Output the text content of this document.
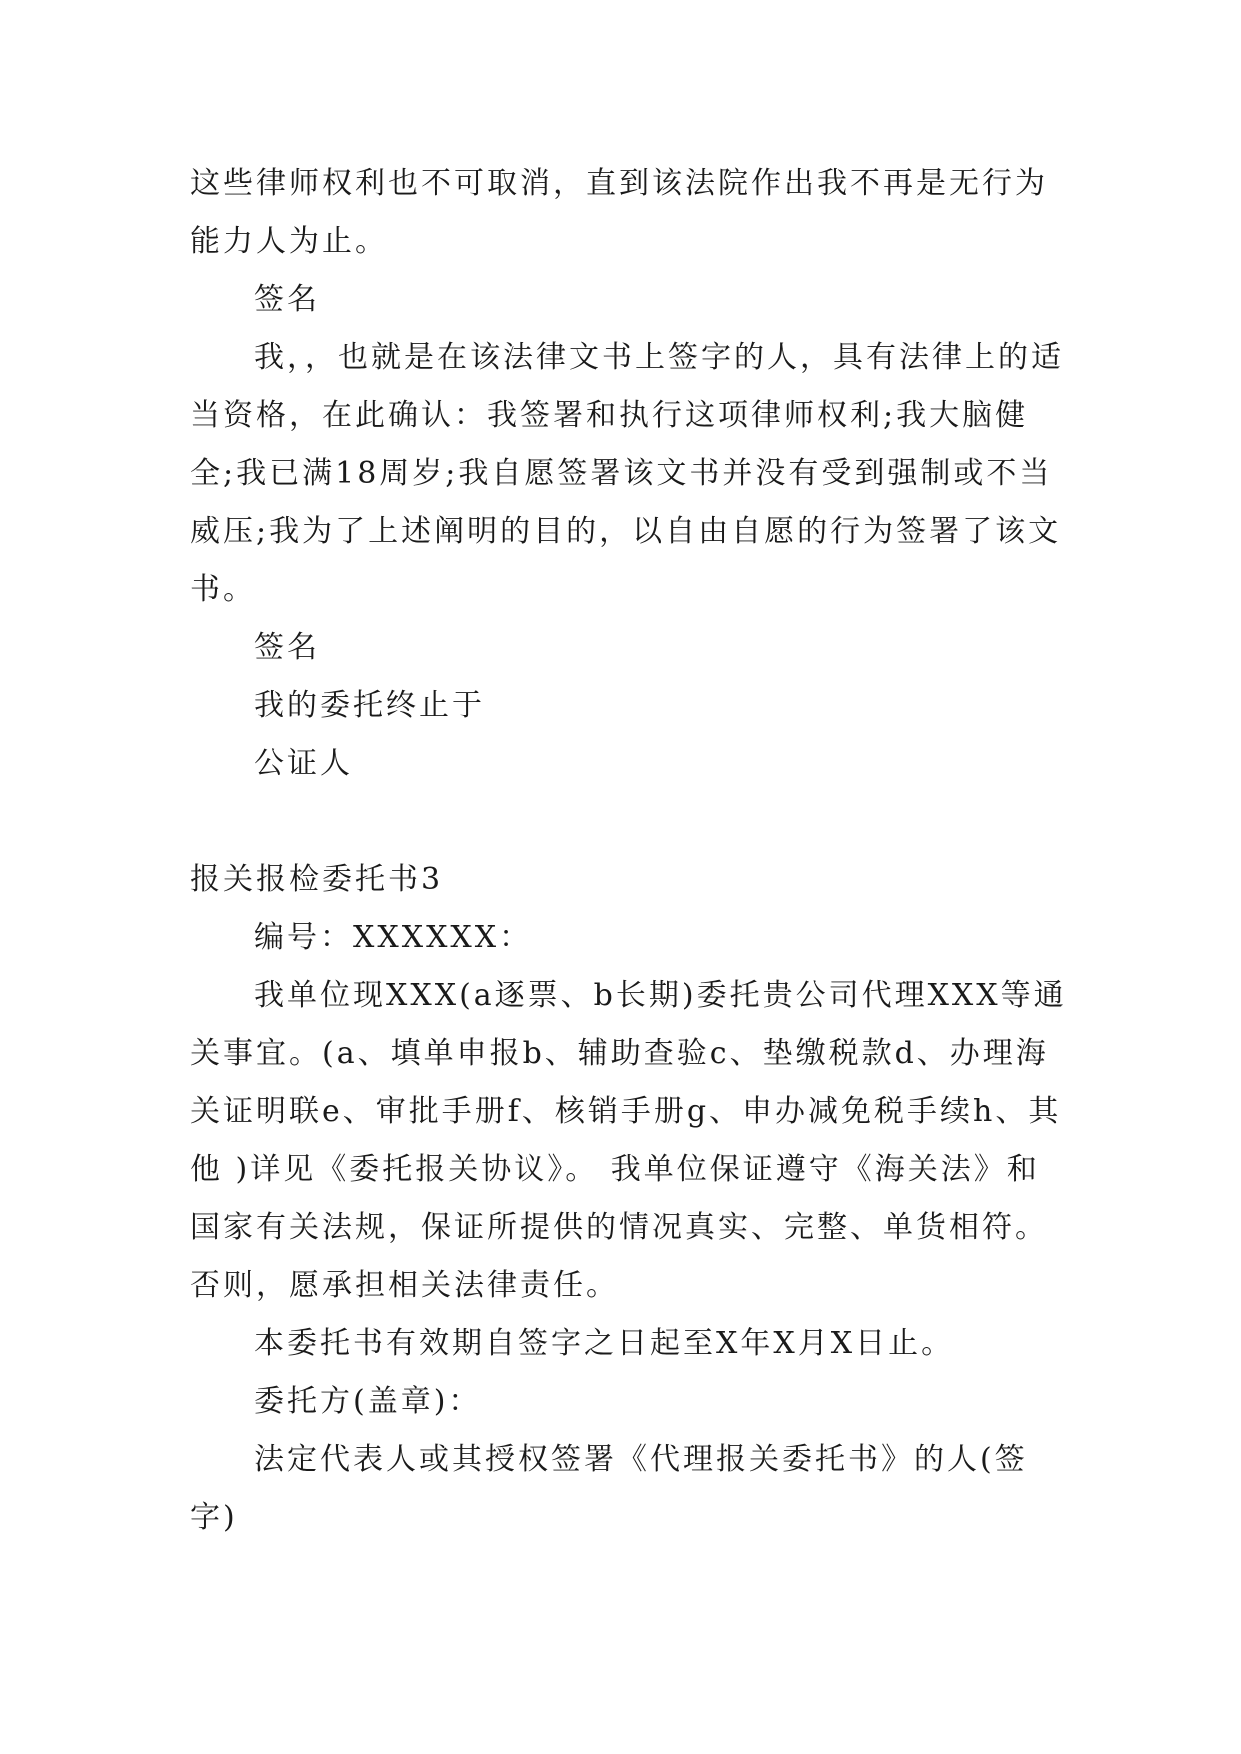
这些律师权利也不可取消，直到该法院作出我不再是无行为能力人为止。

签名

我，，也就是在该法律文书上签字的人，具有法律上的适当资格，在此确认：我签署和执行这项律师权利;我大脑健全;我已满18周岁;我自愿签署该文书并没有受到强制或不当威压;我为了上述阐明的目的，以自由自愿的行为签署了该文书。

签名

我的委托终止于

公证人

报关报检委托书3

编号：XXXXXX：

我单位现XXX(a逐票、b长期)委托贵公司代理XXX等通关事宜。(a、填单申报b、辅助查验c、垫缴税款d、办理海关证明联e、审批手册f、核销手册g、申办减免税手续h、其他 )详见《委托报关协议》。 我单位保证遵守《海关法》和国家有关法规，保证所提供的情况真实、完整、单货相符。否则，愿承担相关法律责任。

本委托书有效期自签字之日起至X年X月X日止。

委托方(盖章)：

法定代表人或其授权签署《代理报关委托书》的人(签字)
